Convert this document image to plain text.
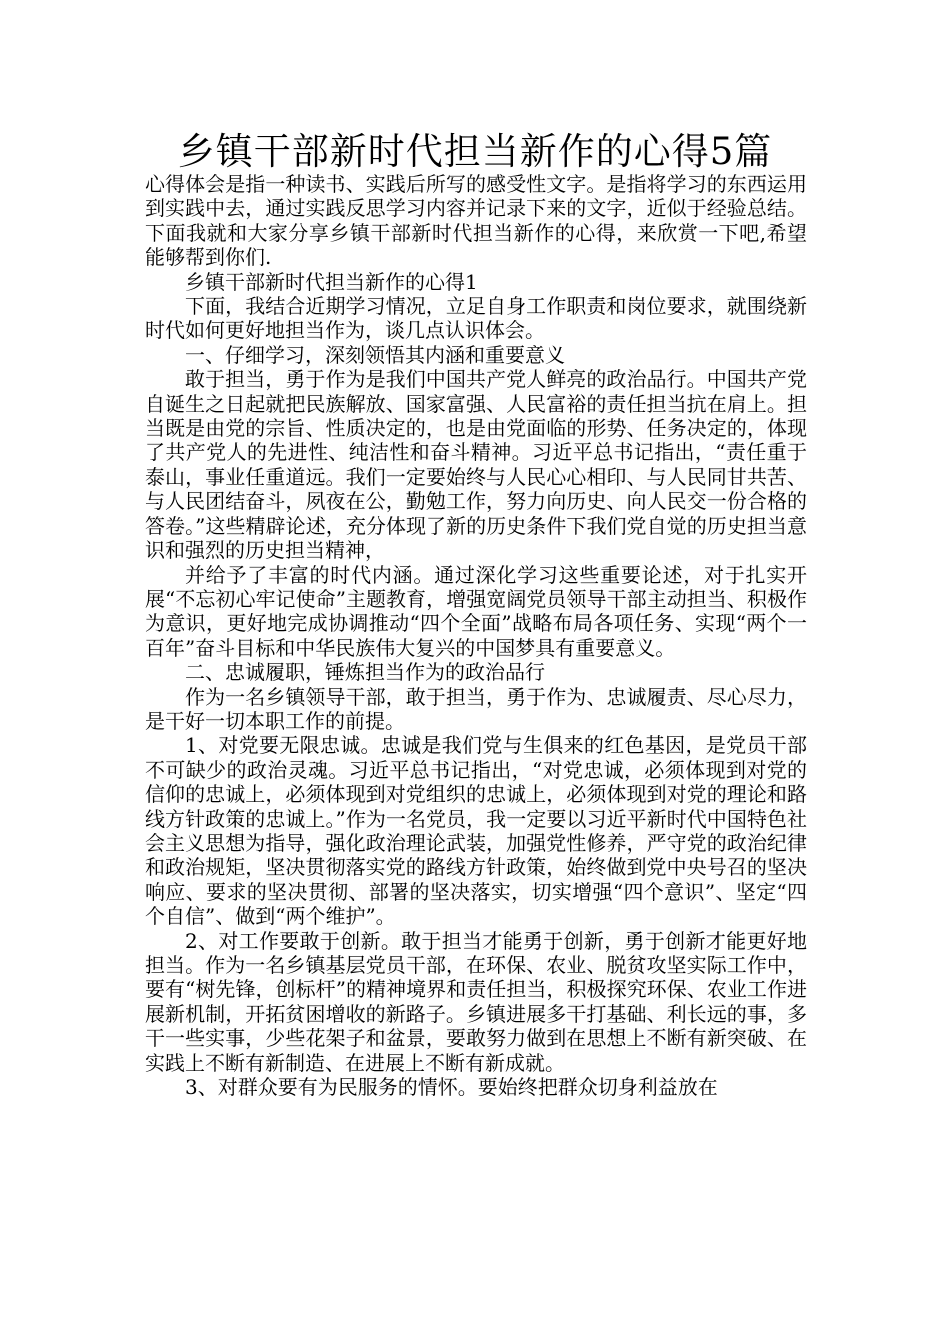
乡镇干部新时代担当新作的心得5篇

心得体会是指一种读书、实践后所写的感受性文字。是指将学习的东西运用到实践中去，通过实践反思学习内容并记录下来的文字，近似于经验总结。下面我就和大家分享乡镇干部新时代担当新作的心得，来欣赏一下吧,希望能够帮到你们.

乡镇干部新时代担当新作的心得1

下面，我结合近期学习情况，立足自身工作职责和岗位要求，就围绕新时代如何更好地担当作为，谈几点认识体会。

一、仔细学习，深刻领悟其内涵和重要意义

敢于担当，勇于作为是我们中国共产党人鲜亮的政治品行。中国共产党自诞生之日起就把民族解放、国家富强、人民富裕的责任担当抗在肩上。担当既是由党的宗旨、性质决定的，也是由党面临的形势、任务决定的，体现了共产党人的先进性、纯洁性和奋斗精神。习近平总书记指出，“责任重于泰山，事业任重道远。我们一定要始终与人民心心相印、与人民同甘共苦、与人民团结奋斗，夙夜在公，勤勉工作，努力向历史、向人民交一份合格的答卷。”这些精辟论述，充分体现了新的历史条件下我们党自觉的历史担当意识和强烈的历史担当精神，

并给予了丰富的时代内涵。通过深化学习这些重要论述，对于扎实开展“不忘初心牢记使命”主题教育，增强宽阔党员领导干部主动担当、积极作为意识，更好地完成协调推动“四个全面”战略布局各项任务、实现“两个一百年”奋斗目标和中华民族伟大复兴的中国梦具有重要意义。

二、忠诚履职，锤炼担当作为的政治品行

作为一名乡镇领导干部，敢于担当，勇于作为、忠诚履责、尽心尽力，是干好一切本职工作的前提。

1、对党要无限忠诚。忠诚是我们党与生俱来的红色基因，是党员干部不可缺少的政治灵魂。习近平总书记指出，“对党忠诚，必须体现到对党的信仰的忠诚上，必须体现到对党组织的忠诚上，必须体现到对党的理论和路线方针政策的忠诚上。”作为一名党员，我一定要以习近平新时代中国特色社会主义思想为指导，强化政治理论武装，加强党性修养，严守党的政治纪律和政治规矩，坚决贯彻落实党的路线方针政策，始终做到党中央号召的坚决响应、要求的坚决贯彻、部署的坚决落实，切实增强“四个意识”、坚定“四个自信”、做到“两个维护”。

2、对工作要敢于创新。敢于担当才能勇于创新，勇于创新才能更好地担当。作为一名乡镇基层党员干部，在环保、农业、脱贫攻坚实际工作中，要有“树先锋，创标杆”的精神境界和责任担当，积极探究环保、农业工作进展新机制，开拓贫困增收的新路子。乡镇进展多干打基础、利长远的事，多干一些实事，少些花架子和盆景，要敢努力做到在思想上不断有新突破、在实践上不断有新制造、在进展上不断有新成就。

3、对群众要有为民服务的情怀。要始终把群众切身利益放在
